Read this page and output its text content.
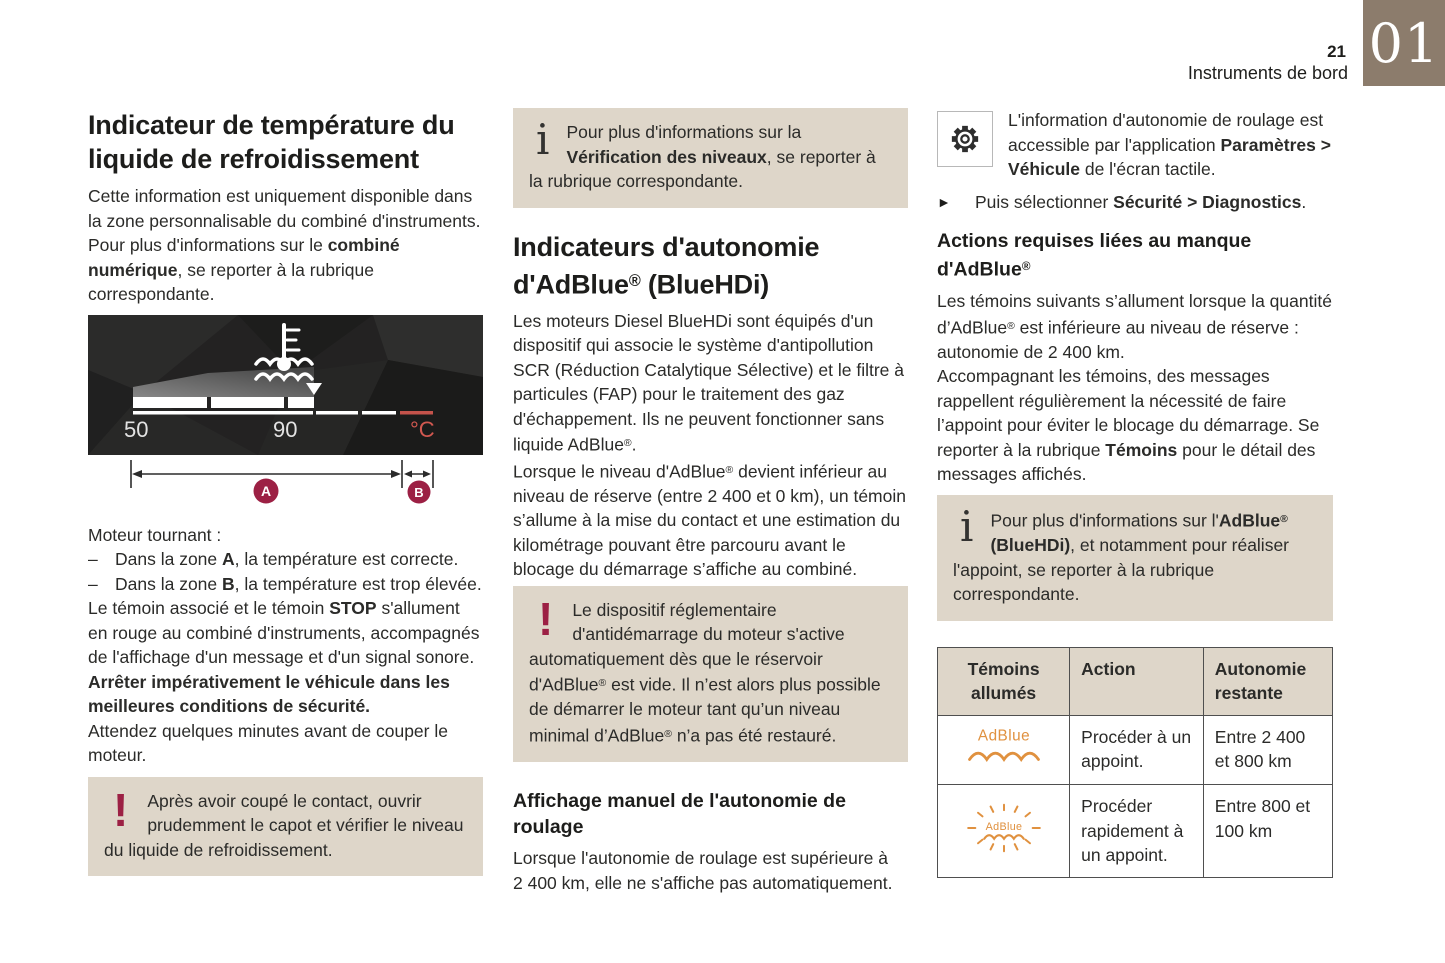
01
21
Instruments de bord
Indicateur de température du liquide de refroidissement

Cette information est uniquement disponible dans la zone personnalisable du combiné d'instruments.

Pour plus d'informations sur le combiné numérique, se reporter à la rubrique correspondante.

50	90	°C
A	B

Moteur tournant :

– Dans la zone A, la température est correcte.
– Dans la zone B, la température est trop élevée.

Le témoin associé et le témoin STOP s'allument en rouge au combiné d'instruments, accompagnés de l'affichage d'un message et d'un signal sonore.

Arrêter impérativement le véhicule dans les meilleures conditions de sécurité.

Attendez quelques minutes avant de couper le moteur.

!	Après avoir coupé le contact, ouvrir prudemment le capot et vérifier le niveau du liquide de refroidissement.

i Pour plus d'informations sur la Vérification des niveaux, se reporter à la rubrique correspondante.

Indicateurs d'autonomie d'AdBlue® (BlueHDi)

Les moteurs Diesel BlueHDi sont équipés d'un dispositif qui associe le système d'antipollution SCR (Réduction Catalytique Sélective) et le filtre à particules (FAP) pour le traitement des gaz d'échappement. Ils ne peuvent fonctionner sans liquide AdBlue®.

Lorsque le niveau d'AdBlue® devient inférieur au niveau de réserve (entre 2 400 et 0 km), un témoin s’allume à la mise du contact et une estimation du kilométrage pouvant être parcouru avant le blocage du démarrage s’affiche au combiné.

!	Le dispositif réglementaire d'antidémarrage du moteur s'active automatiquement dès que le réservoir d'AdBlue® est vide. Il n’est alors plus possible de démarrer le moteur tant qu’un niveau minimal d’AdBlue® n’a pas été restauré.

Affichage manuel de l'autonomie de roulage

Lorsque l'autonomie de roulage est supérieure à 2 400 km, elle ne s'affiche pas automatiquement.

L'information d'autonomie de roulage est accessible par l'application Paramètres > Véhicule de l'écran tactile.

►	Puis sélectionner Sécurité > Diagnostics.
Actions requises liées au manque d'AdBlue®

Les témoins suivants s’allument lorsque la quantité d’AdBlue® est inférieure au niveau de réserve : autonomie de 2 400 km.

Accompagnant les témoins, des messages rappellent régulièrement la nécessité de faire l’appoint pour éviter le blocage du démarrage. Se reporter à la rubrique Témoins pour le détail des messages affichés.

i Pour plus d'informations sur l'AdBlue® (BlueHDi), et notamment pour réaliser l'appoint, se reporter à la rubrique correspondante.

Témoins allumés	Action	Autonomie restante

AdBlue	Procéder à un appoint.	Entre 2 400 et 800 km

AdBlue	Procéder rapidement à un appoint.	Entre 800 et 100 km
